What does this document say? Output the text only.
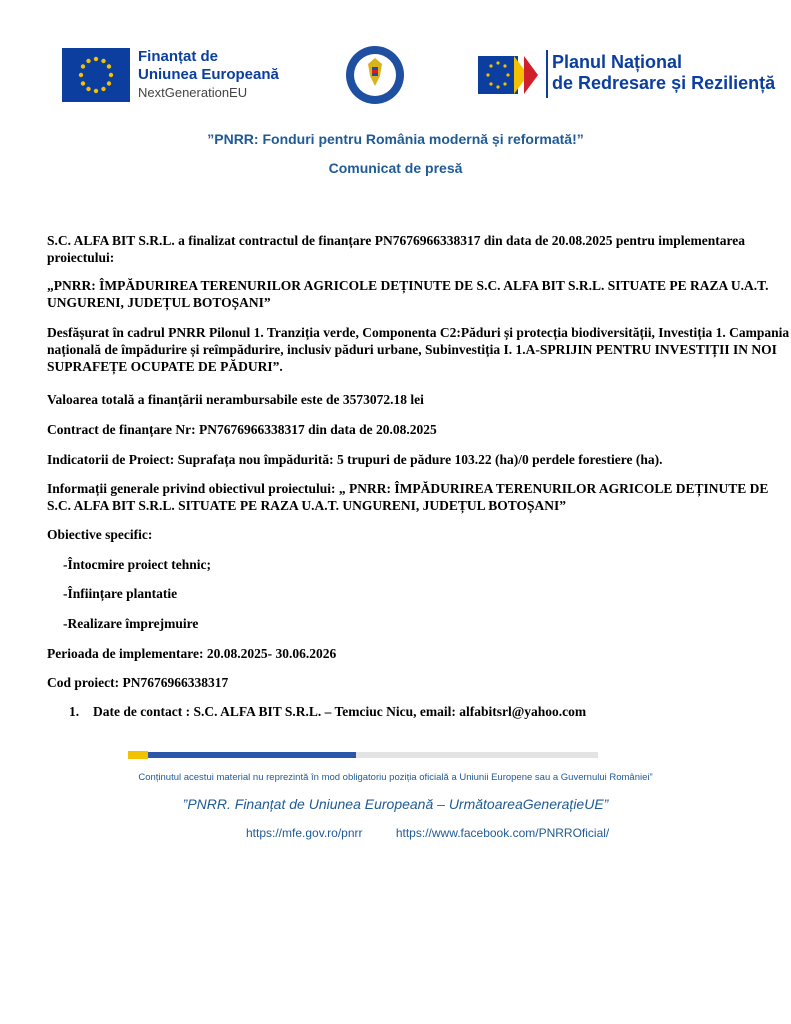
Finanțat de
Uniunea Europeană
NextGenerationEU
Planul Național
de Redresare și Reziliență
”PNRR: Fonduri pentru România modernă și reformată!”
Comunicat de presă

S.C. ALFA BIT S.R.L. a finalizat contractul de finanțare PN7676966338317 din data de 20.08.2025 pentru implementarea proiectului:

„PNRR: ÎMPĂDURIREA TERENURILOR AGRICOLE DEȚINUTE DE S.C. ALFA BIT S.R.L. SITUATE PE RAZA U.A.T. UNGURENI, JUDEȚUL BOTOȘANI”

Desfășurat în cadrul PNRR Pilonul 1. Tranziția verde, Componenta C2:Păduri și protecția biodiversității, Investiția 1. Campania națională de împădurire și reîmpădurire, inclusiv păduri urbane, Subinvestiția I. 1.A-SPRIJIN PENTRU INVESTIȚII IN NOI SUPRAFEȚE OCUPATE DE PĂDURI”.

Valoarea totală a finanțării nerambursabile este de 3573072.18 lei

Contract de finanțare Nr: PN7676966338317 din data de 20.08.2025

Indicatorii de Proiect: Suprafața nou împădurită: 5 trupuri de pădure 103.22 (ha)/0 perdele forestiere (ha).

Informații generale privind obiectivul proiectului: „ PNRR: ÎMPĂDURIREA TERENURILOR AGRICOLE DEȚINUTE DE S.C. ALFA BIT S.R.L. SITUATE PE RAZA U.A.T. UNGURENI, JUDEȚUL BOTOȘANI”

Obiective specific:

-Întocmire proiect tehnic;

-Înființare plantatie

-Realizare împrejmuire

Perioada de implementare: 20.08.2025- 30.06.2026

Cod proiect: PN7676966338317

1. Date de contact : S.C. ALFA BIT S.R.L. – Temciuc Nicu, email: alfabitsrl@yahoo.com

Conținutul acestui material nu reprezintă în mod obligatoriu poziția oficială a Uniunii Europene sau a Guvernului României”
”PNRR. Finanțat de Uniunea Europeană – UrmătoareaGenerațieUE”
https://mfe.gov.ro/pnrr	https://www.facebook.com/PNRROficial/
